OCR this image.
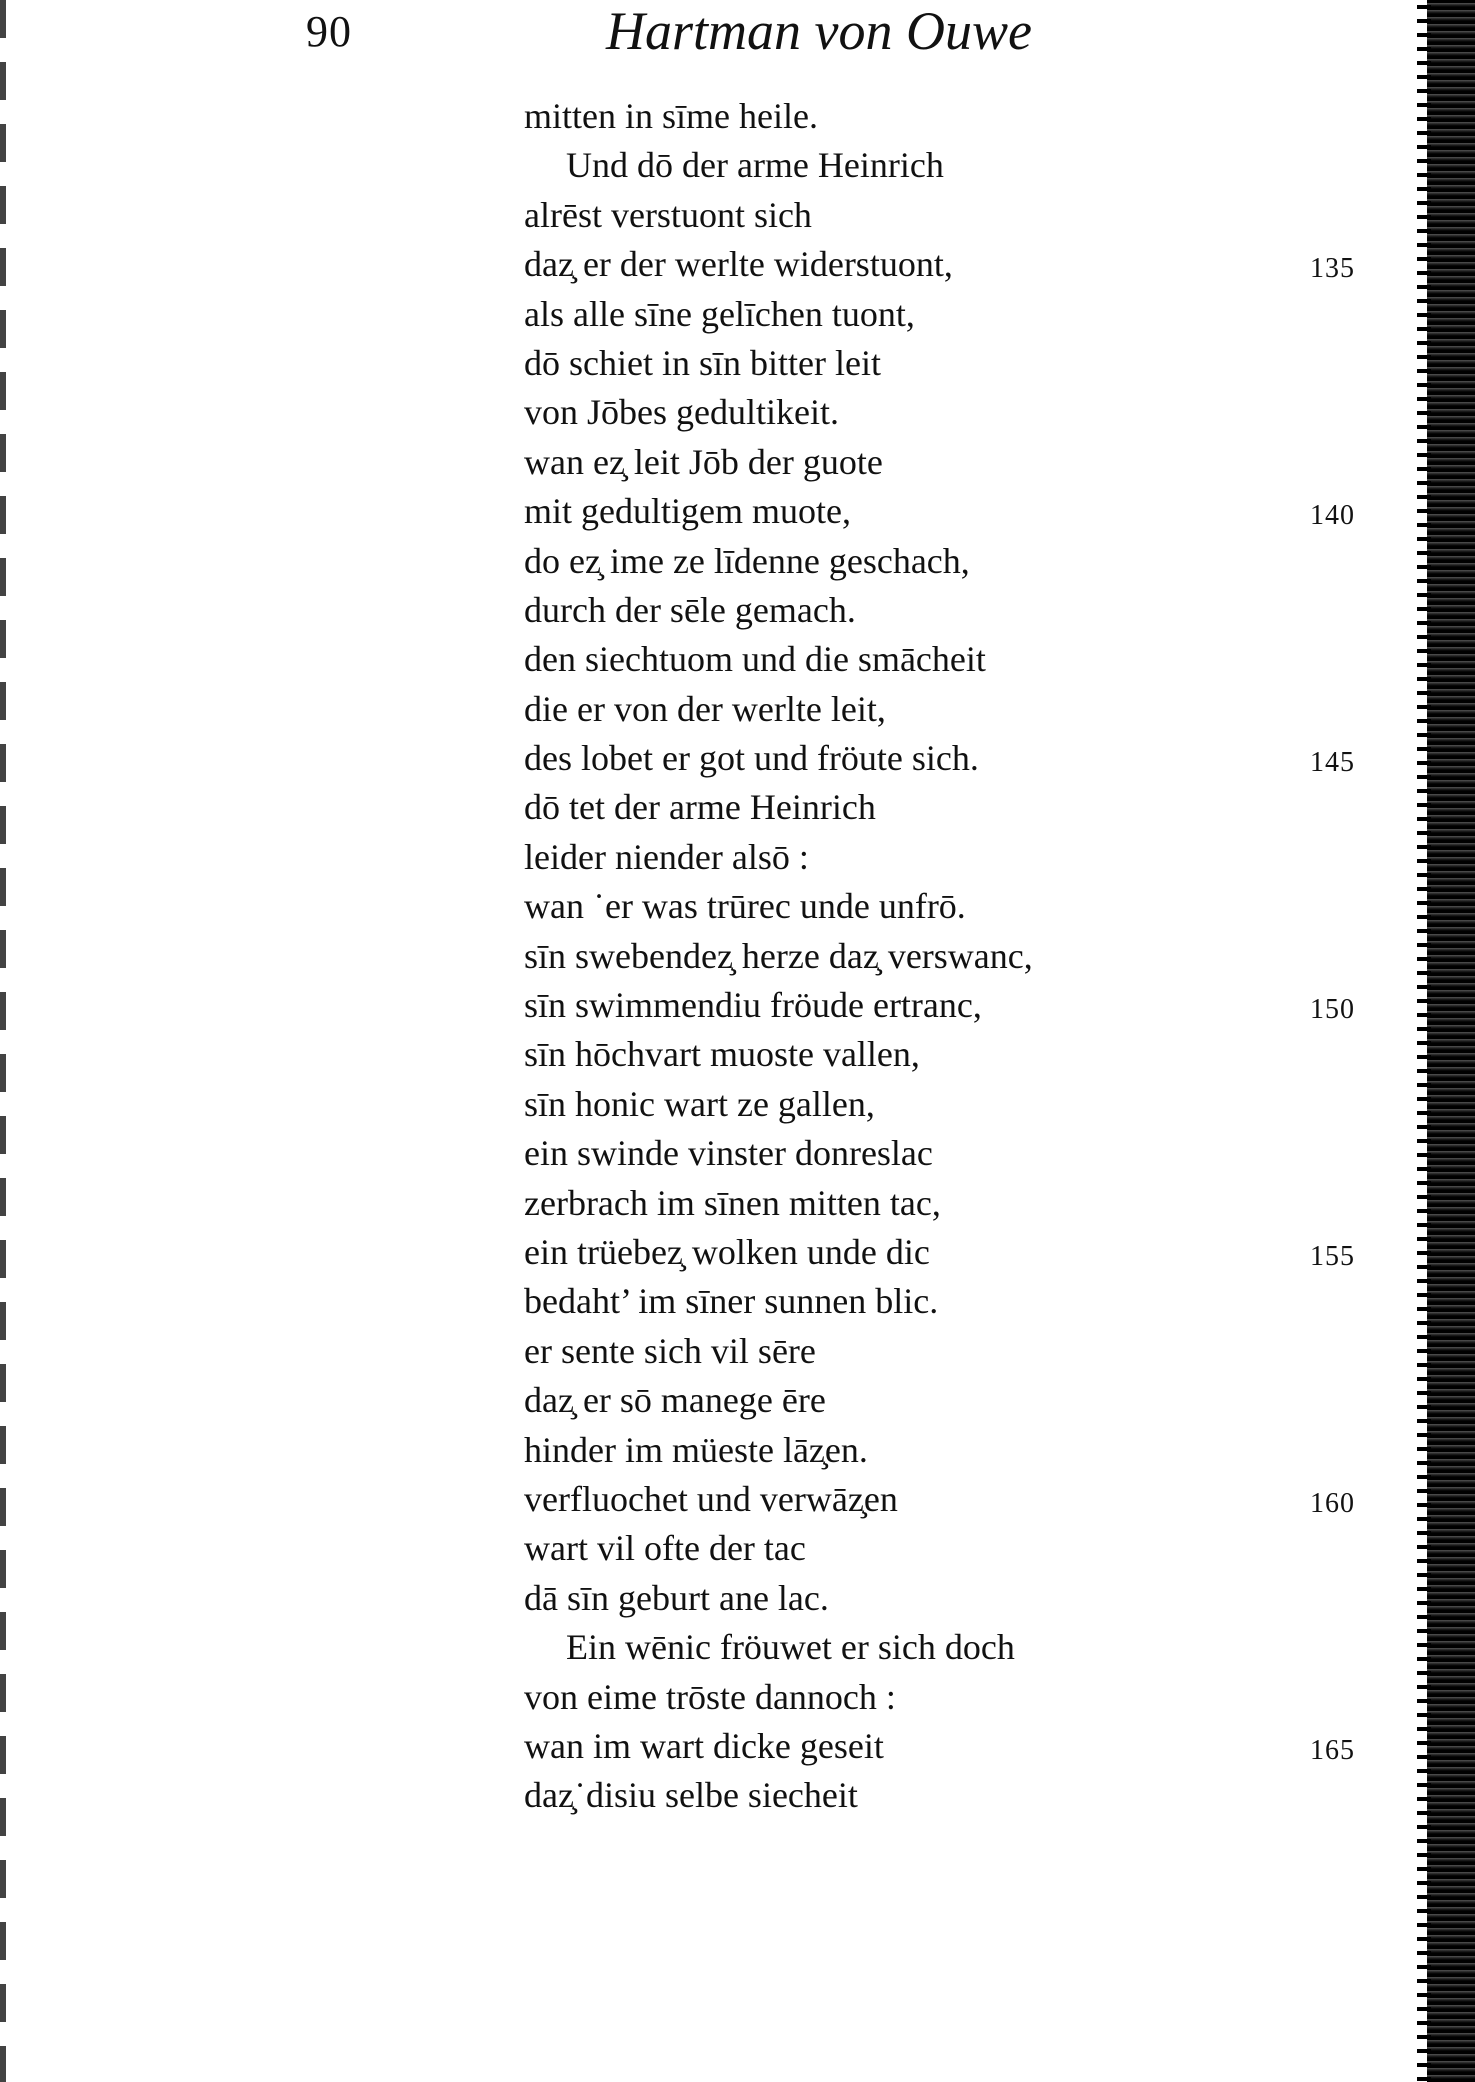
90	Hartman von Ouwe
mitten in sīme heile.
Und dō der arme Heinrich
alrēst verstuont sich
daz̧ er der werlte widerstuont,	135
als alle sīne gelīchen tuont,
dō schiet in sīn bitter leit
von Jōbes gedultikeit.
wan ez̧ leit Jōb der guote
mit gedultigem muote,	140
do ez̧ ime ze līdenne geschach,
durch der sēle gemach.
den siechtuom und die smācheit
die er von der werlte leit,
des lobet er got und fröute sich.	145
dō tet der arme Heinrich
leider niender alsō :
wan ˙er was trūrec unde unfrō.
sīn swebendez̧ herze daz̧ verswanc,
sīn swimmendiu fröude ertranc,	150
sīn hōchvart muoste vallen,
sīn honic wart ze gallen,
ein swinde vinster donreslac
zerbrach im sīnen mitten tac,
ein trüebez̧ wolken unde dic	155
bedaht’ im sīner sunnen blic.
er sente sich vil sēre
daz̧ er sō manege ēre
hinder im müeste lāz̧en.
verfluochet und verwāz̧en	160
wart vil ofte der tac
dā sīn geburt ane lac.
Ein wēnic fröuwet er sich doch
von eime trōste dannoch :
wan im wart dicke geseit	165
daz̧˙disiu selbe siecheit
